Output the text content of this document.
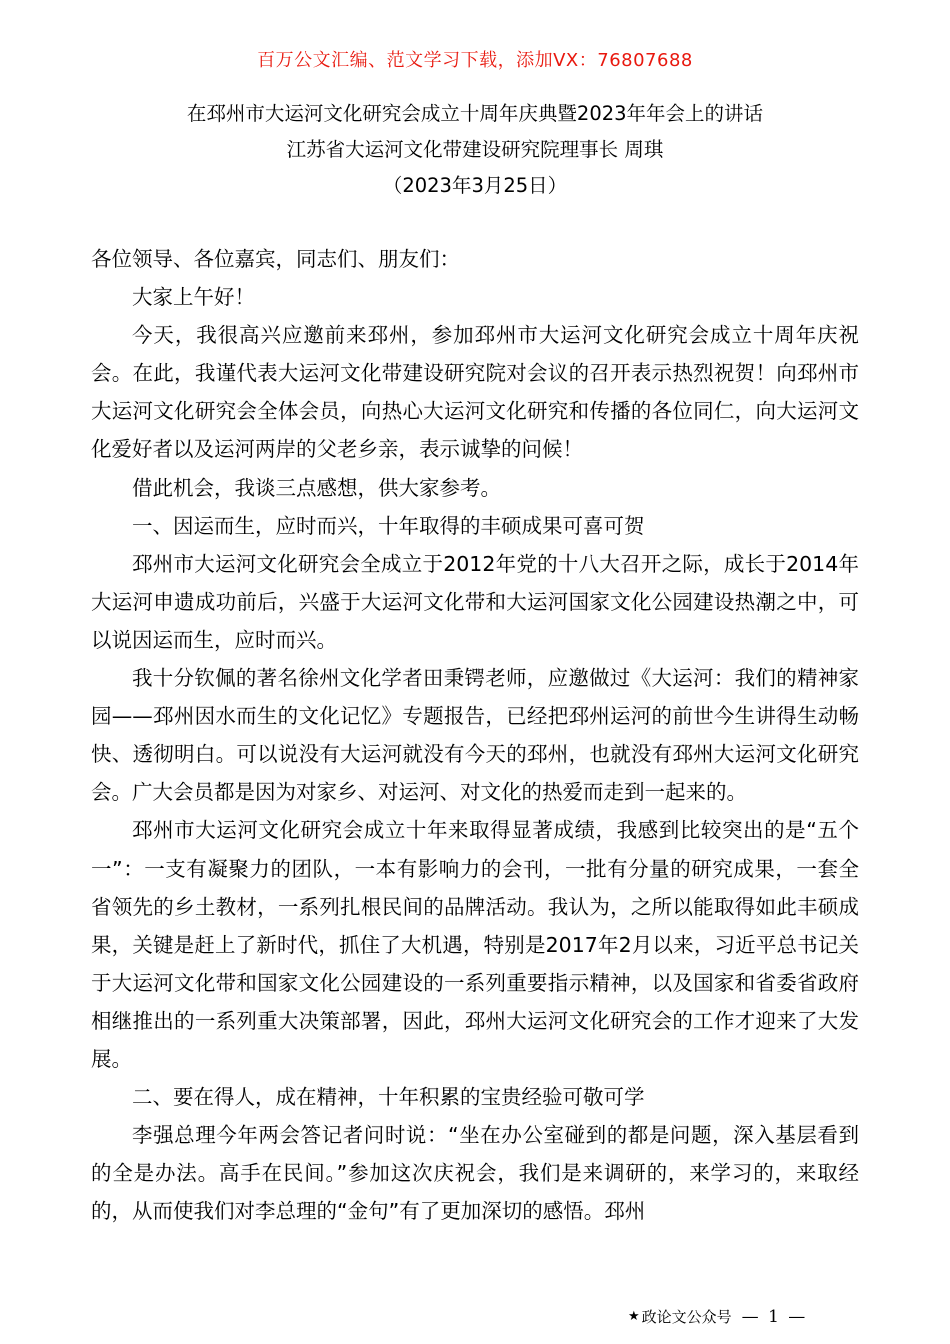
百万公文汇编、范文学习下载，添加VX：76807688
在邳州市大运河文化研究会成立十周年庆典暨2023年年会上的讲话
江苏省大运河文化带建设研究院理事长 周琪
（2023年3月25日）

各位领导、各位嘉宾，同志们、朋友们：

大家上午好！

今天，我很高兴应邀前来邳州，参加邳州市大运河文化研究会成立十周年庆祝会。在此，我谨代表大运河文化带建设研究院对会议的召开表示热烈祝贺！向邳州市大运河文化研究会全体会员，向热心大运河文化研究和传播的各位同仁，向大运河文化爱好者以及运河两岸的父老乡亲，表示诚挚的问候！

借此机会，我谈三点感想，供大家参考。

一、因运而生，应时而兴，十年取得的丰硕成果可喜可贺

邳州市大运河文化研究会全成立于2012年党的十八大召开之际，成长于2014年大运河申遗成功前后，兴盛于大运河文化带和大运河国家文化公园建设热潮之中，可以说因运而生，应时而兴。

我十分钦佩的著名徐州文化学者田秉锷老师，应邀做过《大运河：我们的精神家园——邳州因水而生的文化记忆》专题报告，已经把邳州运河的前世今生讲得生动畅快、透彻明白。可以说没有大运河就没有今天的邳州，也就没有邳州大运河文化研究会。广大会员都是因为对家乡、对运河、对文化的热爱而走到一起来的。

邳州市大运河文化研究会成立十年来取得显著成绩，我感到比较突出的是“五个一”：一支有凝聚力的团队，一本有影响力的会刊，一批有分量的研究成果，一套全省领先的乡土教材，一系列扎根民间的品牌活动。我认为，之所以能取得如此丰硕成果，关键是赶上了新时代，抓住了大机遇，特别是2017年2月以来，习近平总书记关于大运河文化带和国家文化公园建设的一系列重要指示精神，以及国家和省委省政府相继推出的一系列重大决策部署，因此，邳州大运河文化研究会的工作才迎来了大发展。

二、要在得人，成在精神，十年积累的宝贵经验可敬可学

李强总理今年两会答记者问时说：“坐在办公室碰到的都是问题，深入基层看到的全是办法。高手在民间。”参加这次庆祝会，我们是来调研的，来学习的，来取经的，从而使我们对李总理的“金句”有了更加深切的感悟。邳州

★ 政论文公众号 — 1 —
